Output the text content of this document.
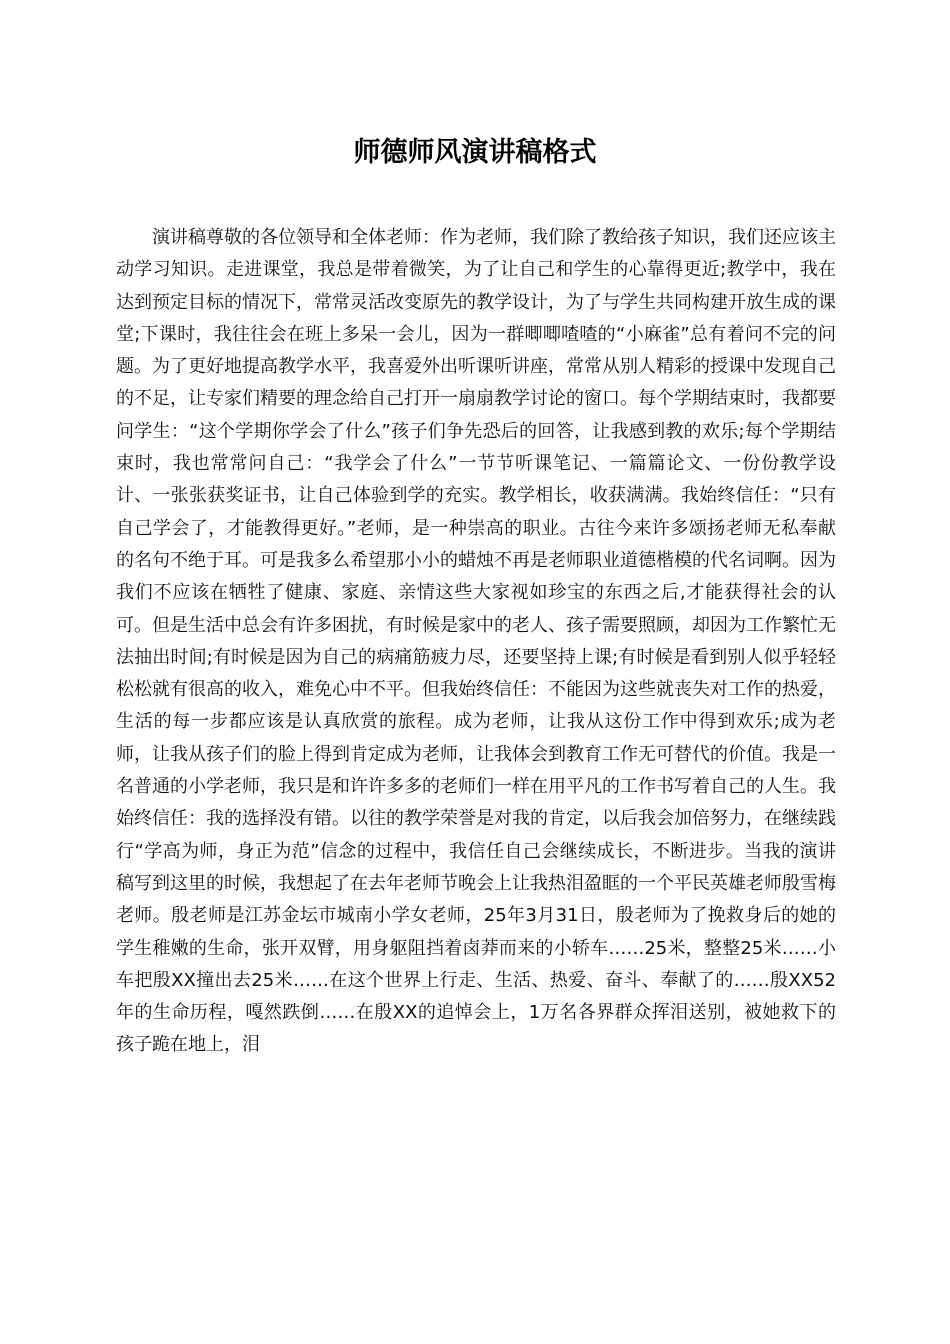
师德师风演讲稿格式

演讲稿尊敬的各位领导和全体老师：作为老师，我们除了教给孩子知识，我们还应该主动学习知识。走进课堂，我总是带着微笑，为了让自己和学生的心靠得更近;教学中，我在达到预定目标的情况下，常常灵活改变原先的教学设计，为了与学生共同构建开放生成的课堂;下课时，我往往会在班上多呆一会儿，因为一群唧唧喳喳的“小麻雀”总有着问不完的问题。为了更好地提高教学水平，我喜爱外出听课听讲座，常常从别人精彩的授课中发现自己的不足，让专家们精要的理念给自己打开一扇扇教学讨论的窗口。每个学期结束时，我都要问学生：“这个学期你学会了什么”孩子们争先恐后的回答，让我感到教的欢乐;每个学期结束时，我也常常问自己：“我学会了什么”一节节听课笔记、一篇篇论文、一份份教学设计、一张张获奖证书，让自己体验到学的充实。教学相长，收获满满。我始终信任：“只有自己学会了，才能教得更好。”老师，是一种崇高的职业。古往今来许多颂扬老师无私奉献的名句不绝于耳。可是我多么希望那小小的蜡烛不再是老师职业道德楷模的代名词啊。因为我们不应该在牺牲了健康、家庭、亲情这些大家视如珍宝的东西之后,才能获得社会的认可。但是生活中总会有许多困扰，有时候是家中的老人、孩子需要照顾，却因为工作繁忙无法抽出时间;有时候是因为自己的病痛筋疲力尽，还要坚持上课;有时候是看到别人似乎轻轻松松就有很高的收入，难免心中不平。但我始终信任：不能因为这些就丧失对工作的热爱，生活的每一步都应该是认真欣赏的旅程。成为老师，让我从这份工作中得到欢乐;成为老师，让我从孩子们的脸上得到肯定成为老师，让我体会到教育工作无可替代的价值。我是一名普通的小学老师，我只是和许许多多的老师们一样在用平凡的工作书写着自己的人生。我始终信任：我的选择没有错。以往的教学荣誉是对我的肯定，以后我会加倍努力，在继续践行“学高为师，身正为范”信念的过程中，我信任自己会继续成长，不断进步。当我的演讲稿写到这里的时候，我想起了在去年老师节晚会上让我热泪盈眶的一个平民英雄老师殷雪梅老师。殷老师是江苏金坛市城南小学女老师，25年3月31日，殷老师为了挽救身后的她的学生稚嫩的生命，张开双臂，用身躯阻挡着卤莽而来的小轿车……25米，整整25米……小车把殷XX撞出去25米……在这个世界上行走、生活、热爱、奋斗、奉献了的……殷XX52年的生命历程，嘎然跌倒……在殷XX的追悼会上，1万名各界群众挥泪送别，被她救下的孩子跪在地上，泪
